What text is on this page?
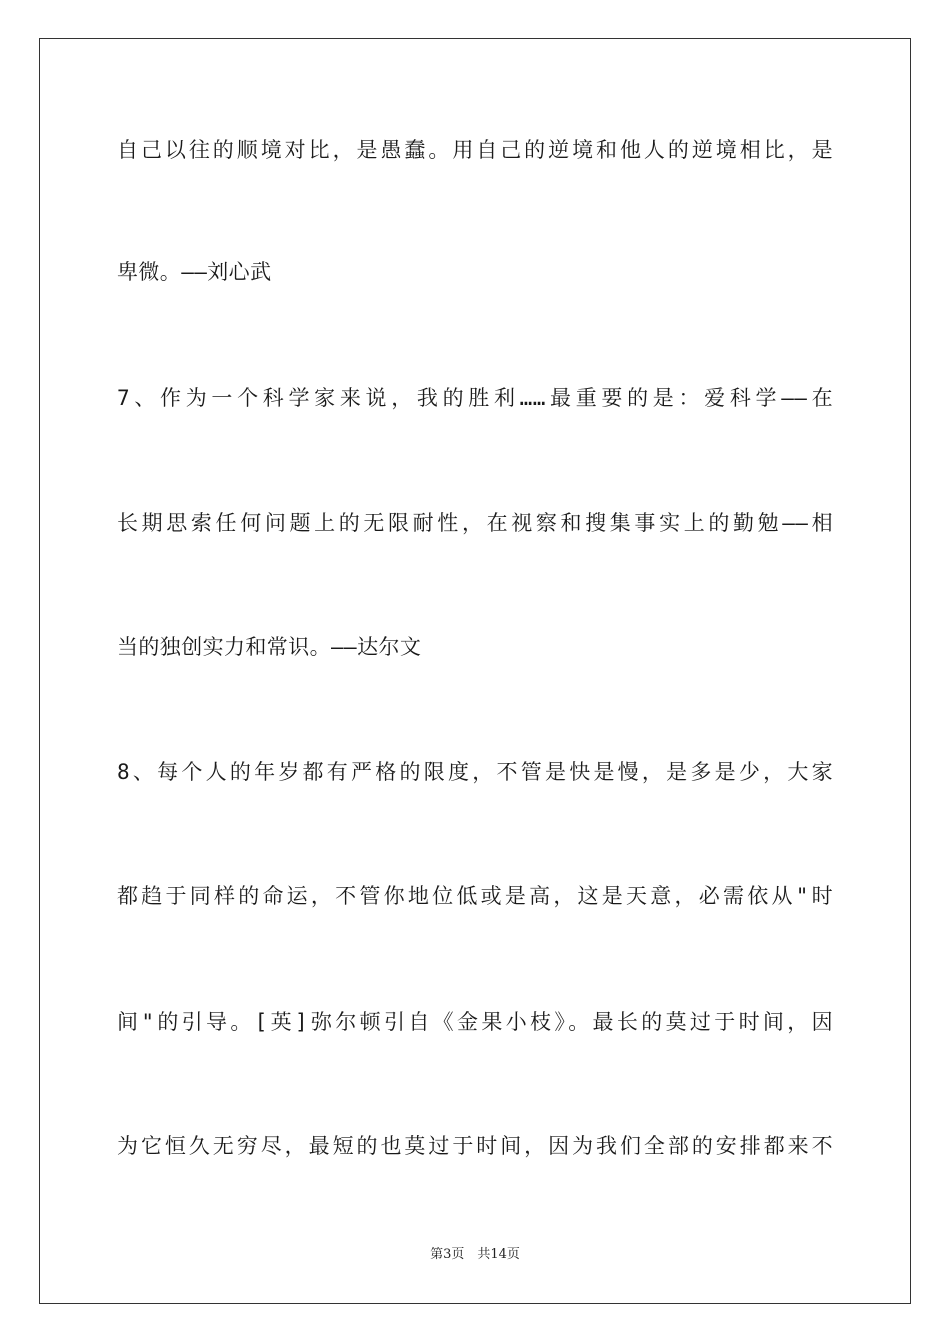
自己以往的顺境对比，是愚蠢。用自己的逆境和他人的逆境相比，是
卑微。——刘心武
7、作为一个科学家来说，我的胜利……最重要的是：爱科学——在
长期思索任何问题上的无限耐性，在视察和搜集事实上的勤勉——相
当的独创实力和常识。——达尔文
8、每个人的年岁都有严格的限度，不管是快是慢，是多是少，大家
都趋于同样的命运，不管你地位低或是高，这是天意，必需依从"时
间"的引导。[英]弥尔顿引自《金果小枝》。最长的莫过于时间，因
为它恒久无穷尽，最短的也莫过于时间，因为我们全部的安排都来不
第3页　共14页
